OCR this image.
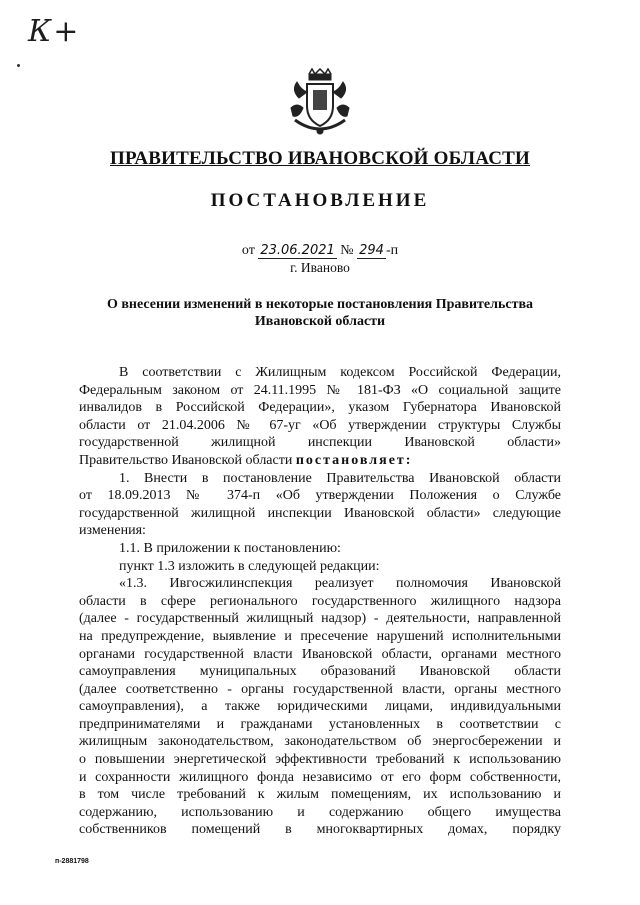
К+
ПРАВИТЕЛЬСТВО ИВАНОВСКОЙ ОБЛАСТИ
ПОСТАНОВЛЕНИЕ
от 23.06.2021 № 294 -п
г. Иваново
О внесении изменений в некоторые постановления Правительства
Ивановской области
В соответствии с Жилищным кодексом Российской Федерации,
Федеральным законом от 24.11.1995 № 181-ФЗ «О социальной защите
инвалидов в Российской Федерации», указом Губернатора Ивановской
области от 21.04.2006 № 67-уг «Об утверждении структуры Службы
государственной жилищной инспекции Ивановской области»
Правительство Ивановской области постановляет:
1. Внести в постановление Правительства Ивановской области
от 18.09.2013 № 374-п «Об утверждении Положения о Службе
государственной жилищной инспекции Ивановской области» следующие
изменения:
1.1. В приложении к постановлению:
пункт 1.3 изложить в следующей редакции:
«1.3. Ивгосжилинспекция реализует полномочия Ивановской
области в сфере регионального государственного жилищного надзора
(далее - государственный жилищный надзор) - деятельности, направленной
на предупреждение, выявление и пресечение нарушений исполнительными
органами государственной власти Ивановской области, органами местного
самоуправления муниципальных образований Ивановской области
(далее соответственно - органы государственной власти, органы местного
самоуправления), а также юридическими лицами, индивидуальными
предпринимателями и гражданами установленных в соответствии с
жилищным законодательством, законодательством об энергосбережении и
о повышении энергетической эффективности требований к использованию
и сохранности жилищного фонда независимо от его форм собственности,
в том числе требований к жилым помещениям, их использованию и
содержанию, использованию и содержанию общего имущества
собственников помещений в многоквартирных домах, порядку
п-2881798
